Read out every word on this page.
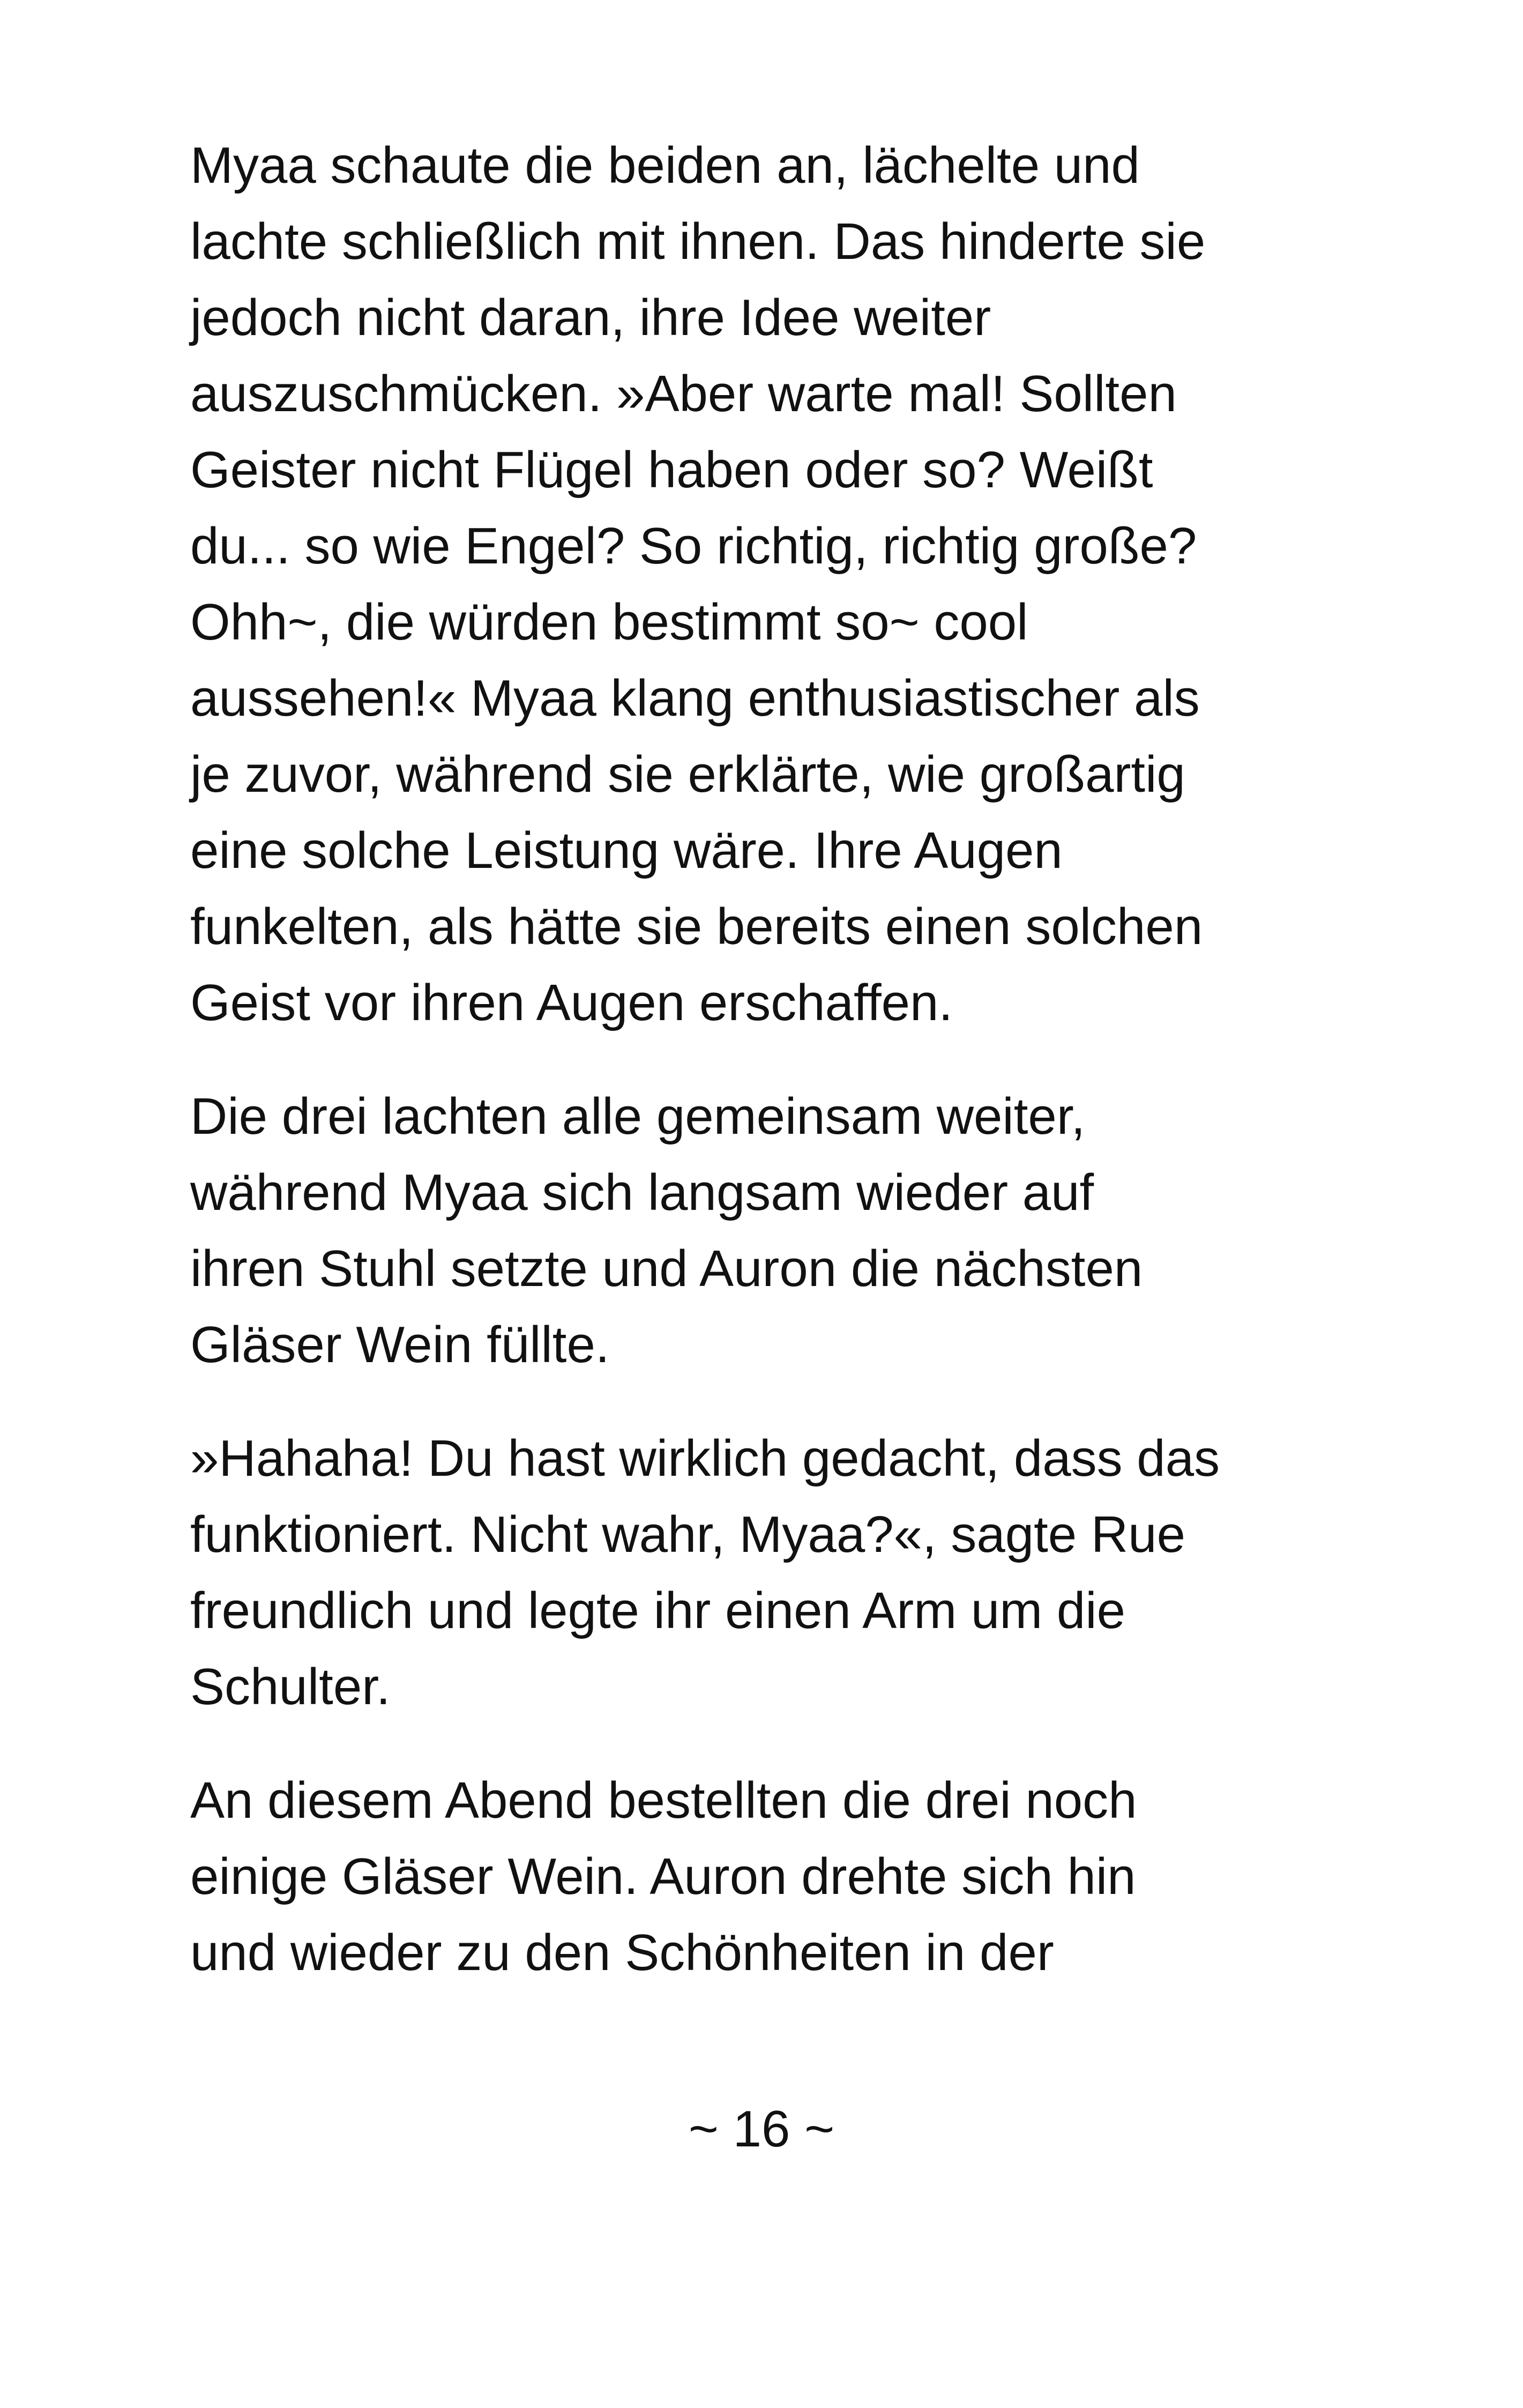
Myaa schaute die beiden an, lächelte und
lachte schließlich mit ihnen. Das hinderte sie
jedoch nicht daran, ihre Idee weiter
auszuschmücken. »Aber warte mal! Sollten
Geister nicht Flügel haben oder so? Weißt
du... so wie Engel? So richtig, richtig große?
Ohh~, die würden bestimmt so~ cool
aussehen!« Myaa klang enthusiastischer als
je zuvor, während sie erklärte, wie großartig
eine solche Leistung wäre. Ihre Augen
funkelten, als hätte sie bereits einen solchen
Geist vor ihren Augen erschaffen.

Die drei lachten alle gemeinsam weiter,
während Myaa sich langsam wieder auf
ihren Stuhl setzte und Auron die nächsten
Gläser Wein füllte.

»Hahaha! Du hast wirklich gedacht, dass das
funktioniert. Nicht wahr, Myaa?«, sagte Rue
freundlich und legte ihr einen Arm um die
Schulter.

An diesem Abend bestellten die drei noch
einige Gläser Wein. Auron drehte sich hin
und wieder zu den Schönheiten in der

~ 16 ~
